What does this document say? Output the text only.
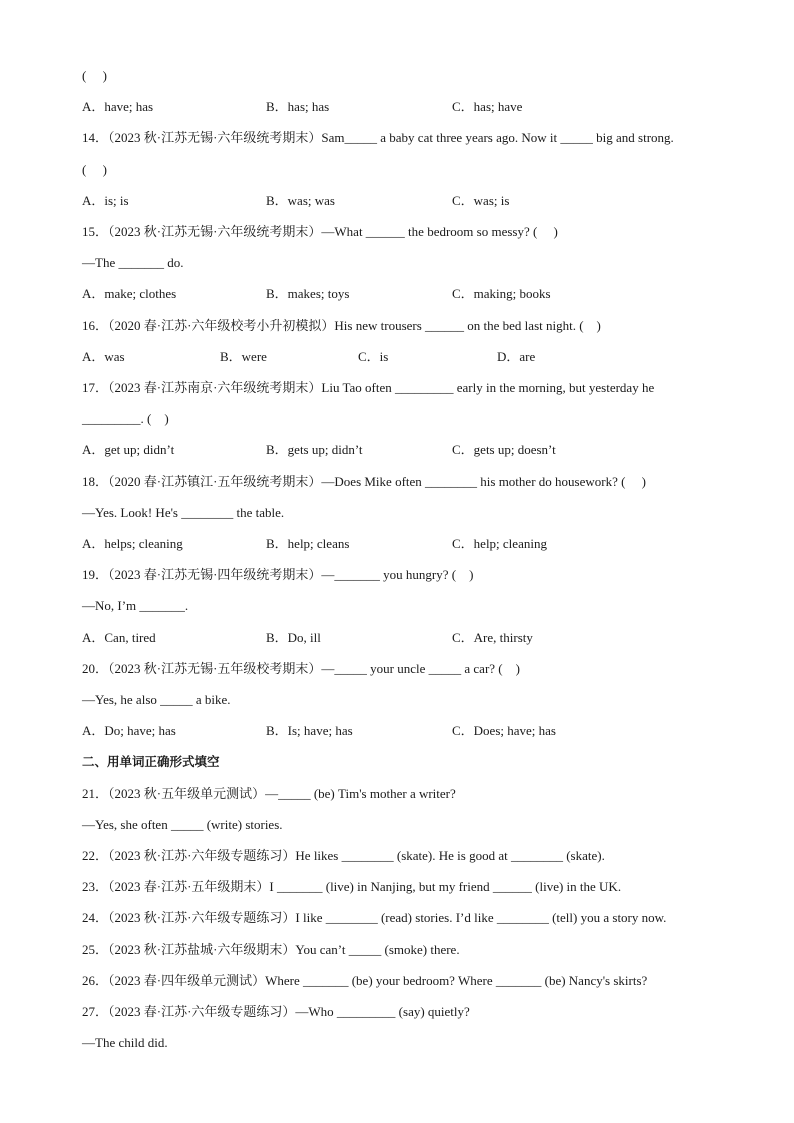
(　 )
A．have; has	B．has; has	C．has; have
14．（2023 秋·江苏无锡·六年级统考期末）Sam_____ a baby cat three years ago. Now it _____ big and strong.
(　 )
A．is; is	B．was; was	C．was; is
15．（2023 秋·江苏无锡·六年级统考期末）—What ______ the bedroom so messy? (　 )
—The _______ do.
A．make; clothes	B．makes; toys	C．making; books
16．（2020 春·江苏·六年级校考小升初模拟）His new trousers ______ on the bed last night. (　)
A．was	B．were	C．is	D．are
17．（2023 春·江苏南京·六年级统考期末）Liu Tao often _________ early in the morning, but yesterday he
_________. (　)
A．get up; didn’t	B．gets up; didn’t	C．gets up; doesn’t
18．（2020 春·江苏镇江·五年级统考期末）—Does Mike often ________ his mother do housework? (　 )
—Yes. Look! He's ________ the table.
A．helps; cleaning	B．help; cleans	C．help; cleaning
19．（2023 春·江苏无锡·四年级统考期末）—_______ you hungry? (　)
—No, I’m _______.
A．Can, tired	B．Do, ill	C．Are, thirsty
20．（2023 秋·江苏无锡·五年级校考期末）—_____ your uncle _____ a car? (　)
—Yes, he also _____ a bike.
A．Do; have; has	B．Is; have; has	C．Does; have; has
二、用单词正确形式填空
21．（2023 秋·五年级单元测试）—_____ (be) Tim's mother a writer?
—Yes, she often _____ (write) stories.
22．（2023 秋·江苏·六年级专题练习）He likes ________ (skate). He is good at ________ (skate).
23．（2023 春·江苏·五年级期末）I _______ (live) in Nanjing, but my friend ______ (live) in the UK.
24．（2023 秋·江苏·六年级专题练习）I like ________ (read) stories. I’d like ________ (tell) you a story now.
25．（2023 秋·江苏盐城·六年级期末）You can’t _____ (smoke) there.
26．（2023 春·四年级单元测试）Where _______ (be) your bedroom? Where _______ (be) Nancy's skirts?
27．（2023 春·江苏·六年级专题练习）—Who _________ (say) quietly?
—The child did.
